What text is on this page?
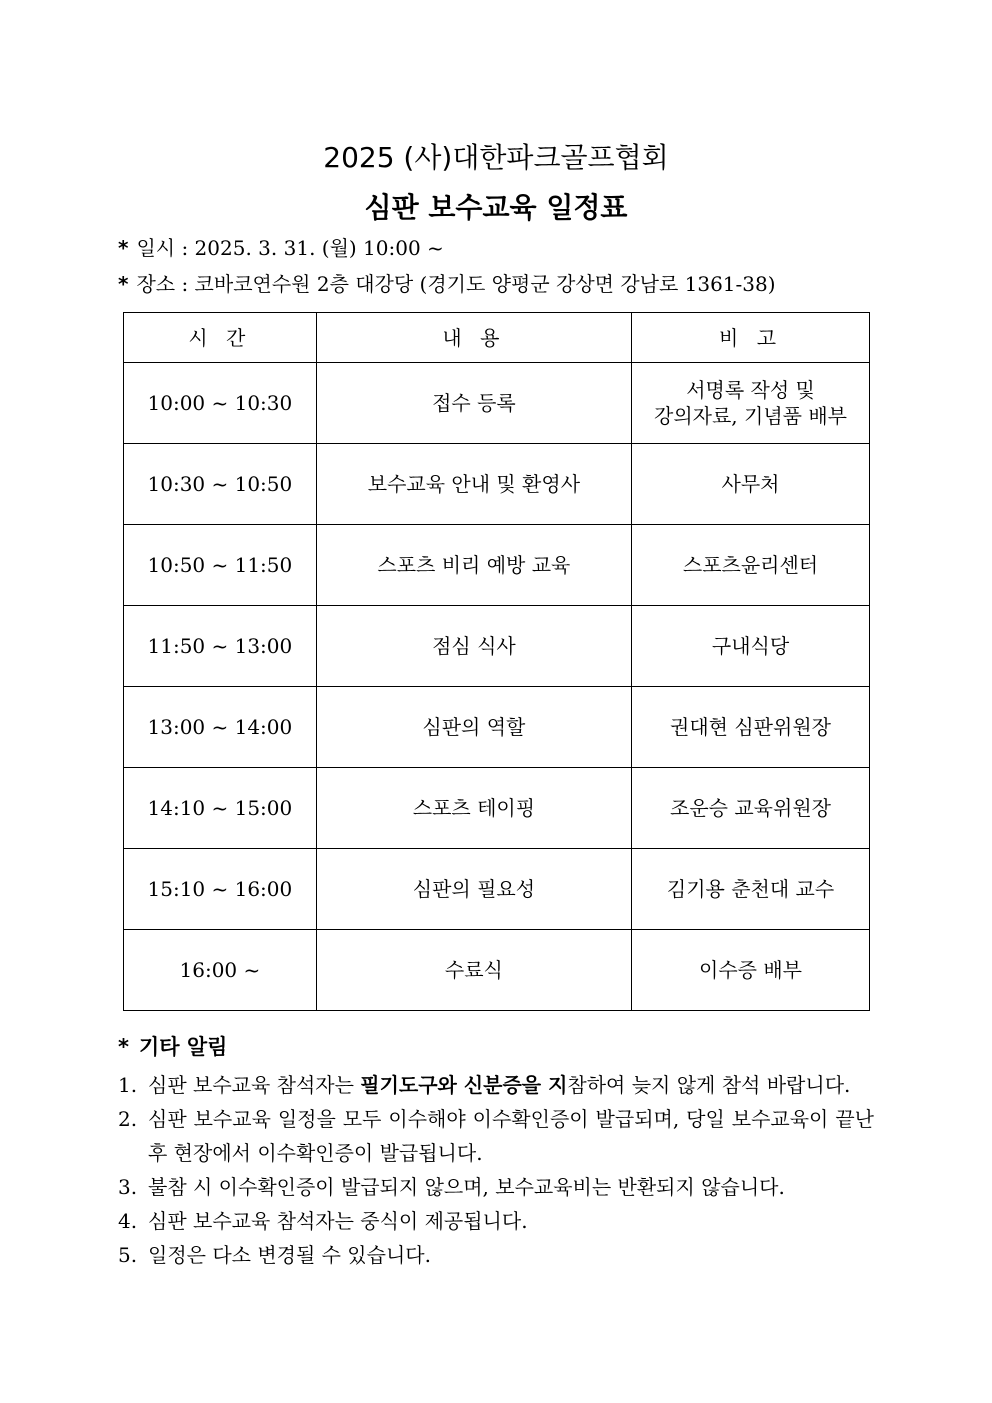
2025 (사)대한파크골프협회
심판 보수교육 일정표
* 일시 : 2025. 3. 31. (월) 10:00 ~
* 장소 : 코바코연수원 2층 대강당 (경기도 양평군 강상면 강남로 1361-38)
시 간	내 용	비 고
10:00 ~ 10:30	접수 등록	서명록 작성 및
강의자료, 기념품 배부

10:30 ~ 10:50	보수교육 안내 및 환영사	사무처
10:50 ~ 11:50	스포츠 비리 예방 교육	스포츠윤리센터
11:50 ~ 13:00	점심 식사	구내식당
13:00 ~ 14:00	심판의 역할	권대현 심판위원장
14:10 ~ 15:00	스포츠 테이핑	조운승 교육위원장
15:10 ~ 16:00	심판의 필요성	김기용 춘천대 교수
16:00 ~	수료식	이수증 배부
* 기타 알림
1. 심판 보수교육 참석자는 필기도구와 신분증을 지참하여 늦지 않게 참석 바랍니다.
2. 심판 보수교육 일정을 모두 이수해야 이수확인증이 발급되며, 당일 보수교육이 끝난 후 현장에서 이수확인증이 발급됩니다.
3. 불참 시 이수확인증이 발급되지 않으며, 보수교육비는 반환되지 않습니다.
4. 심판 보수교육 참석자는 중식이 제공됩니다.
5. 일정은 다소 변경될 수 있습니다.
